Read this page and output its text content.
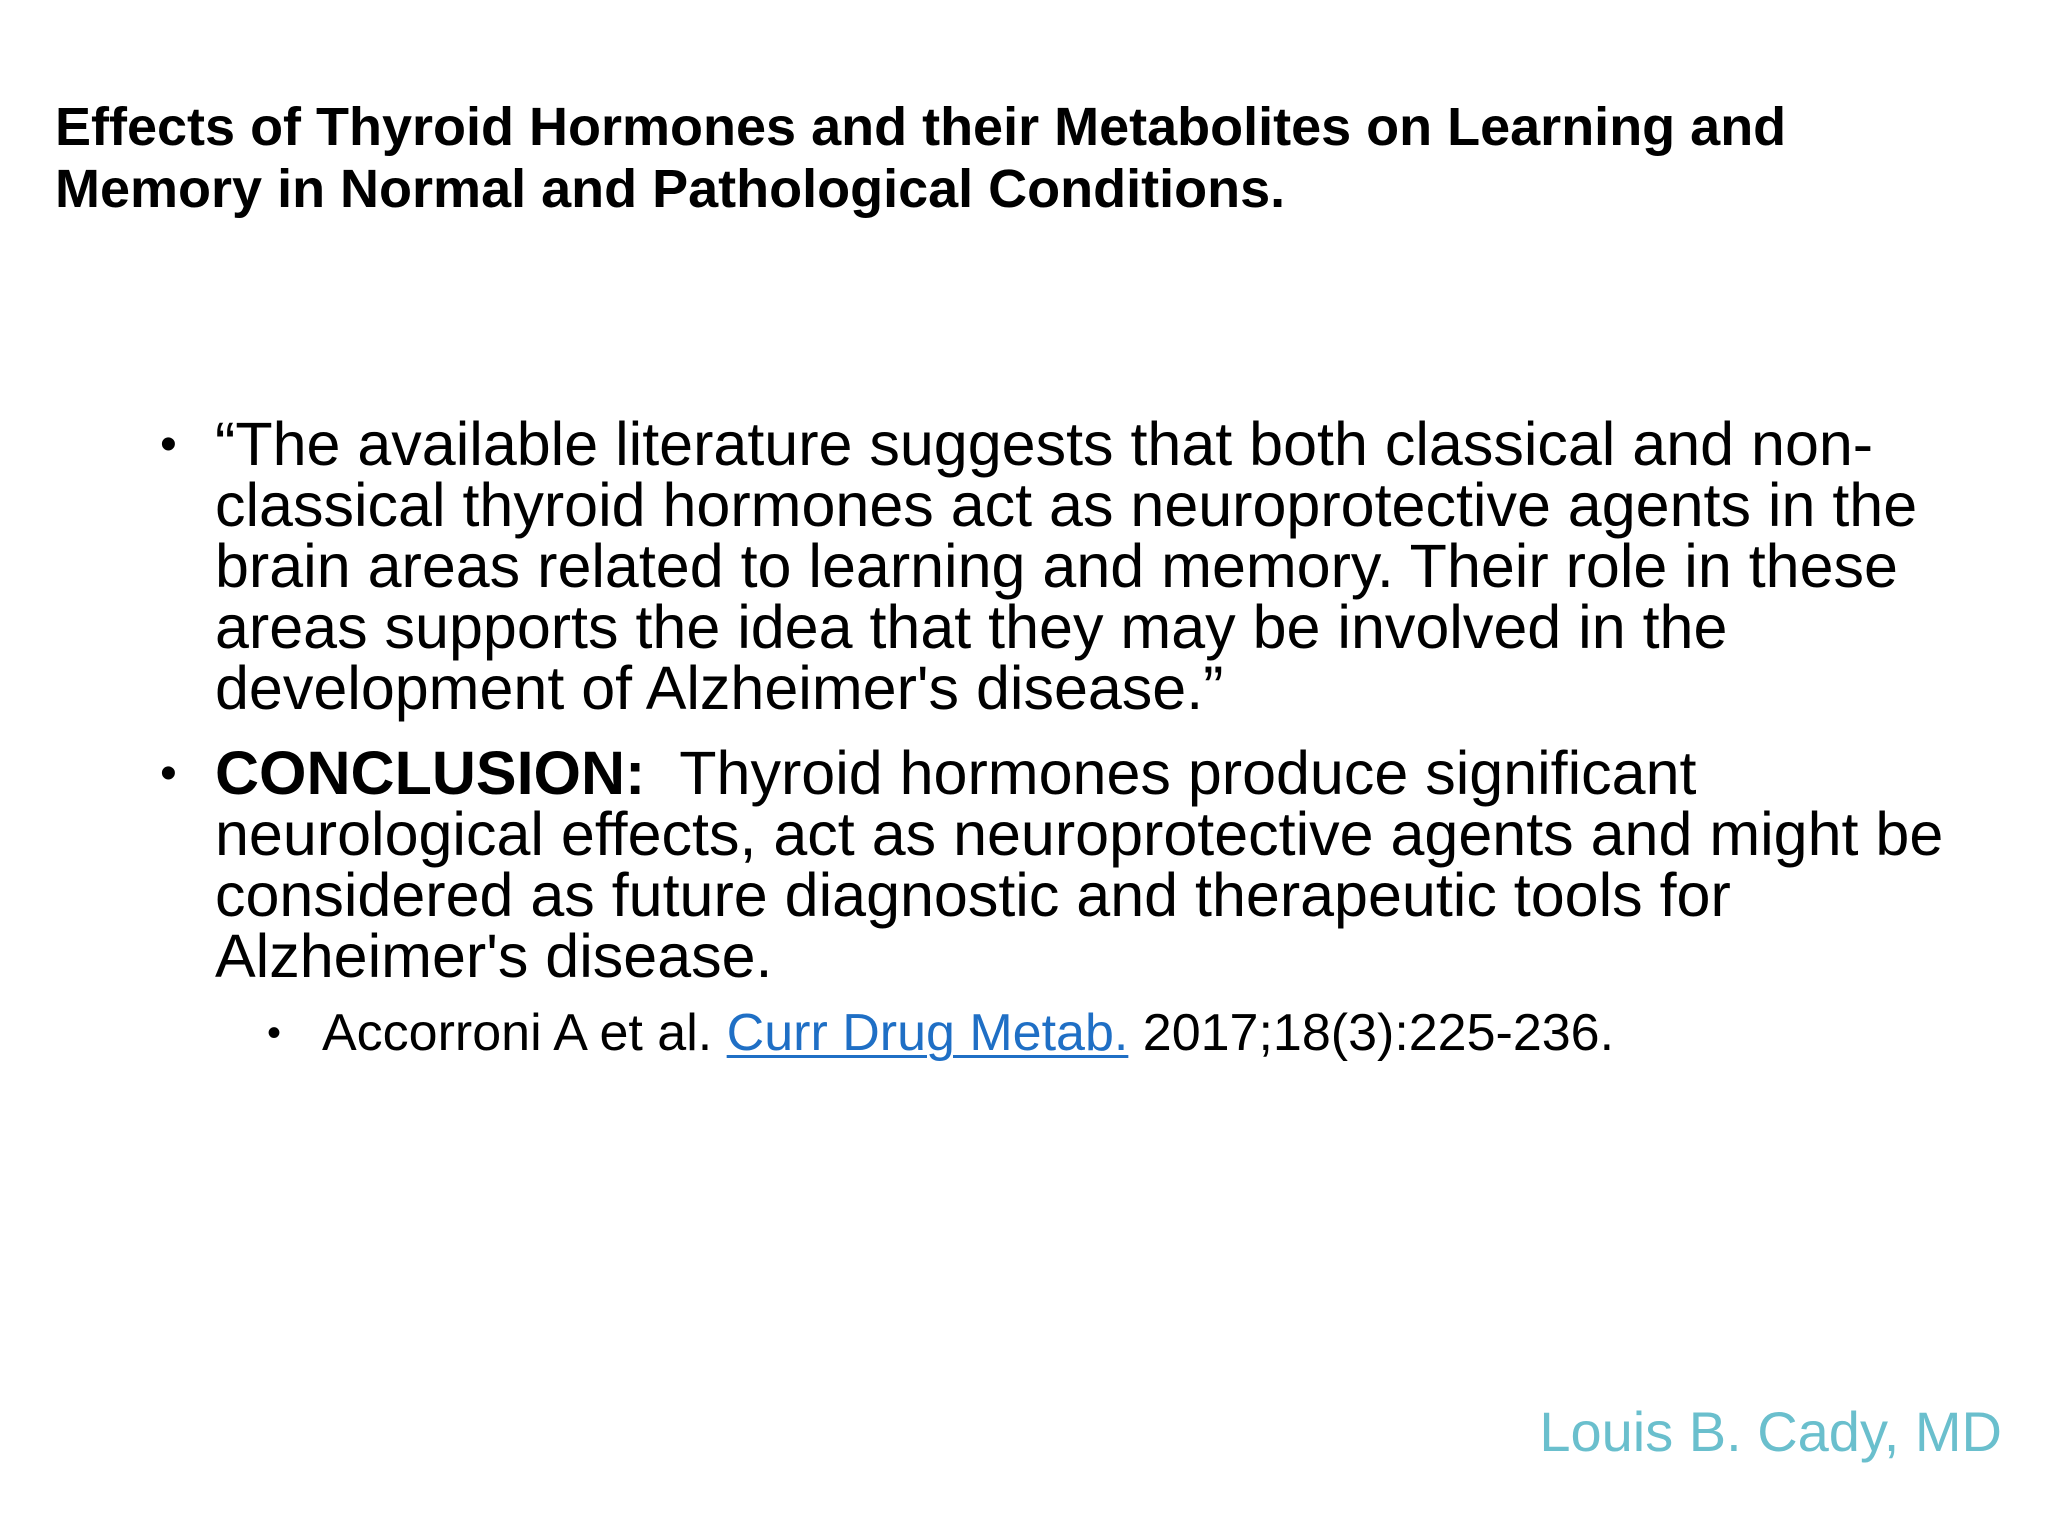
Effects of Thyroid Hormones and their Metabolites on Learning and Memory in Normal and Pathological Conditions.
• “The available literature suggests that both classical and non-classical thyroid hormones act as neuroprotective agents in the brain areas related to learning and memory. Their role in these areas supports the idea that they may be involved in the development of Alzheimer's disease.”
• CONCLUSION: Thyroid hormones produce significant neurological effects, act as neuroprotective agents and might be considered as future diagnostic and therapeutic tools for Alzheimer's disease.
• Accorroni A et al. Curr Drug Metab. 2017;18(3):225-236.
Louis B. Cady, MD
